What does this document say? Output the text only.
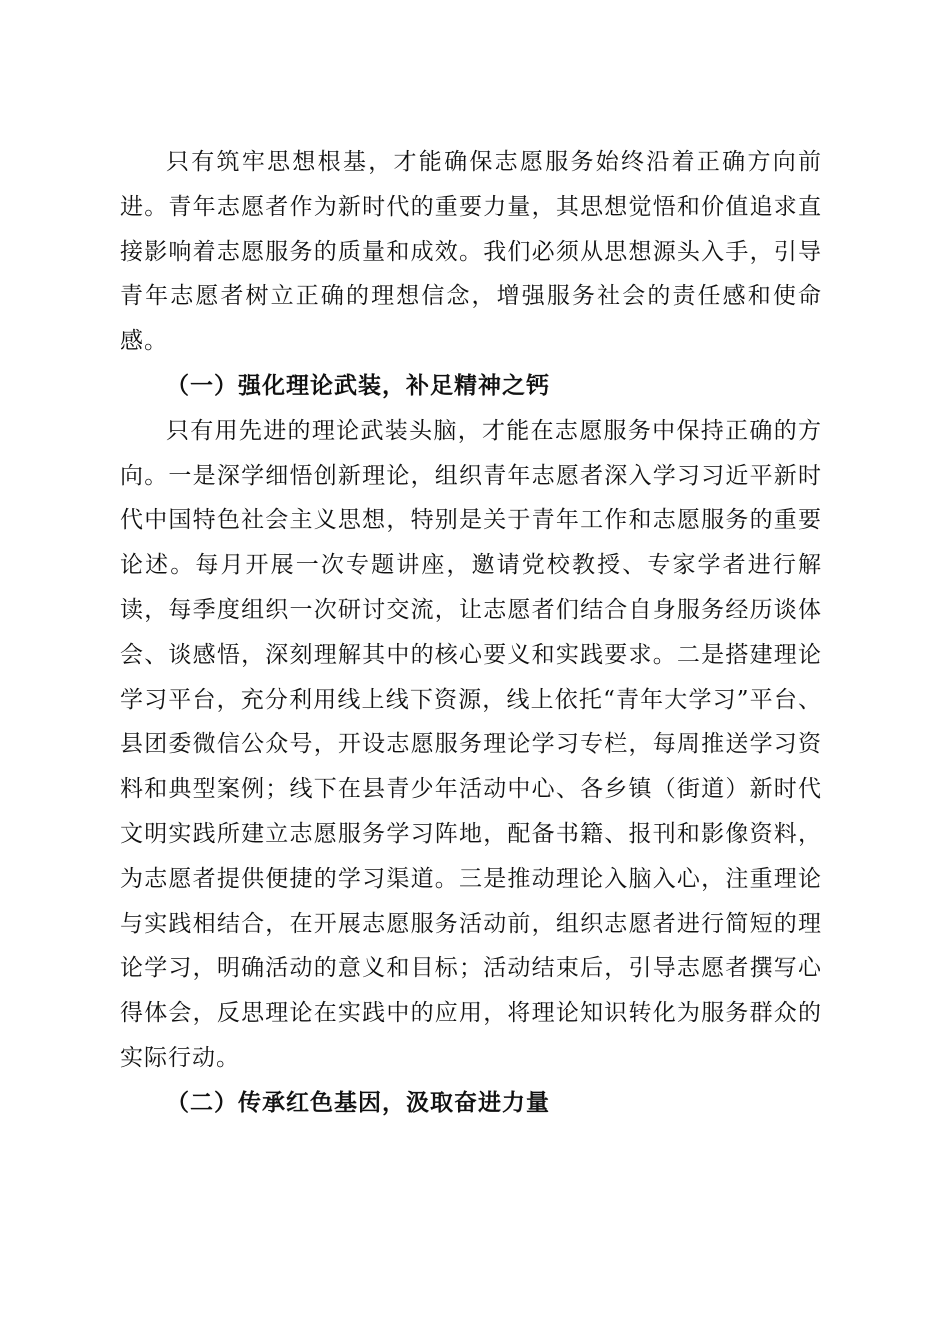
只有筑牢思想根基，才能确保志愿服务始终沿着正确方向前进。青年志愿者作为新时代的重要力量，其思想觉悟和价值追求直接影响着志愿服务的质量和成效。我们必须从思想源头入手，引导青年志愿者树立正确的理想信念，增强服务社会的责任感和使命感。

（一）强化理论武装，补足精神之钙

只有用先进的理论武装头脑，才能在志愿服务中保持正确的方向。一是深学细悟创新理论，组织青年志愿者深入学习习近平新时代中国特色社会主义思想，特别是关于青年工作和志愿服务的重要论述。每月开展一次专题讲座，邀请党校教授、专家学者进行解读，每季度组织一次研讨交流，让志愿者们结合自身服务经历谈体会、谈感悟，深刻理解其中的核心要义和实践要求。二是搭建理论学习平台，充分利用线上线下资源，线上依托“青年大学习”平台、县团委微信公众号，开设志愿服务理论学习专栏，每周推送学习资料和典型案例；线下在县青少年活动中心、各乡镇（街道）新时代文明实践所建立志愿服务学习阵地，配备书籍、报刊和影像资料，为志愿者提供便捷的学习渠道。三是推动理论入脑入心，注重理论与实践相结合，在开展志愿服务活动前，组织志愿者进行简短的理论学习，明确活动的意义和目标；活动结束后，引导志愿者撰写心得体会，反思理论在实践中的应用，将理论知识转化为服务群众的实际行动。

（二）传承红色基因，汲取奋进力量
